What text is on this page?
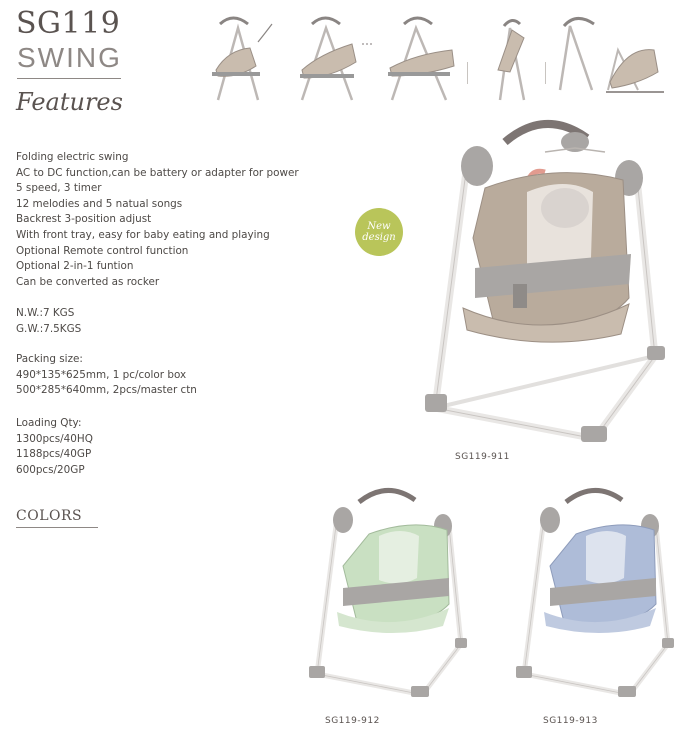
SG119
SWING
Features
Folding electric swing
AC to DC function,can be battery or adapter for power
5 speed, 3 timer
12 melodies and 5 natual songs
Backrest 3-position adjust
With front tray, easy for baby eating and playing
Optional Remote control function
Optional 2-in-1 funtion
Can be converted as rocker
N.W.:7 KGS
G.W.:7.5KGS
Packing size:
490*135*625mm, 1 pc/color box
500*285*640mm, 2pcs/master ctn
Loading Qty:
1300pcs/40HQ
1188pcs/40GP
600pcs/20GP
COLORS
New
design
SG119-911
SG119-912	SG119-913
